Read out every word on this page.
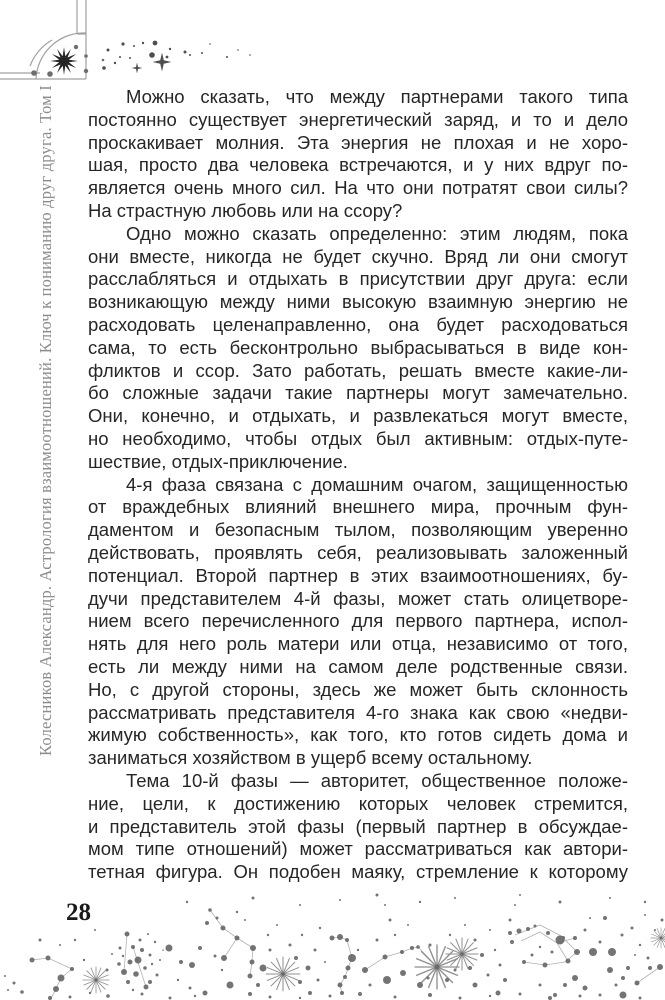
Колесников Александр. Астрология взаимоотношений. Ключ к пониманию друг друга. Том I	Можно сказать, что между партнерами такого типа
постоянно существует энергетический заряд, и то и дело
проскакивает молния. Эта энергия не плохая и не хоро-
шая, просто два человека встречаются, и у них вдруг по-
является очень много сил. На что они потратят свои силы?
На страстную любовь или на ссору?
Одно можно сказать определенно: этим людям, пока
они вместе, никогда не будет скучно. Вряд ли они смогут
расслабляться и отдыхать в присутствии друг друга: если
возникающую между ними высокую взаимную энергию не
расходовать целенаправленно, она будет расходоваться
сама, то есть бесконтрольно выбрасываться в виде кон-
фликтов и ссор. Зато работать, решать вместе какие-ли-
бо сложные задачи такие партнеры могут замечательно.
Они, конечно, и отдыхать, и развлекаться могут вместе,
но необходимо, чтобы отдых был активным: отдых-путе-
шествие, отдых-приключение.
4-я фаза связана с домашним очагом, защищенностью
от враждебных влияний внешнего мира, прочным фун-
даментом и безопасным тылом, позволяющим уверенно
действовать, проявлять себя, реализовывать заложенный
потенциал. Второй партнер в этих взаимоотношениях, бу-
дучи представителем 4-й фазы, может стать олицетворе-
нием всего перечисленного для первого партнера, испол-
нять для него роль матери или отца, независимо от того,
есть ли между ними на самом деле родственные связи.
Но, с другой стороны, здесь же может быть склонность
рассматривать представителя 4-го знака как свою «недви-
жимую собственность», как того, кто готов сидеть дома и
заниматься хозяйством в ущерб всему остальному.
Тема 10-й фазы — авторитет, общественное положе-
ние, цели, к достижению которых человек стремится,
и представитель этой фазы (первый партнер в обсуждае-
мом типе отношений) может рассматриваться как автори-
тетная фигура. Он подобен маяку, стремление к которому
28
